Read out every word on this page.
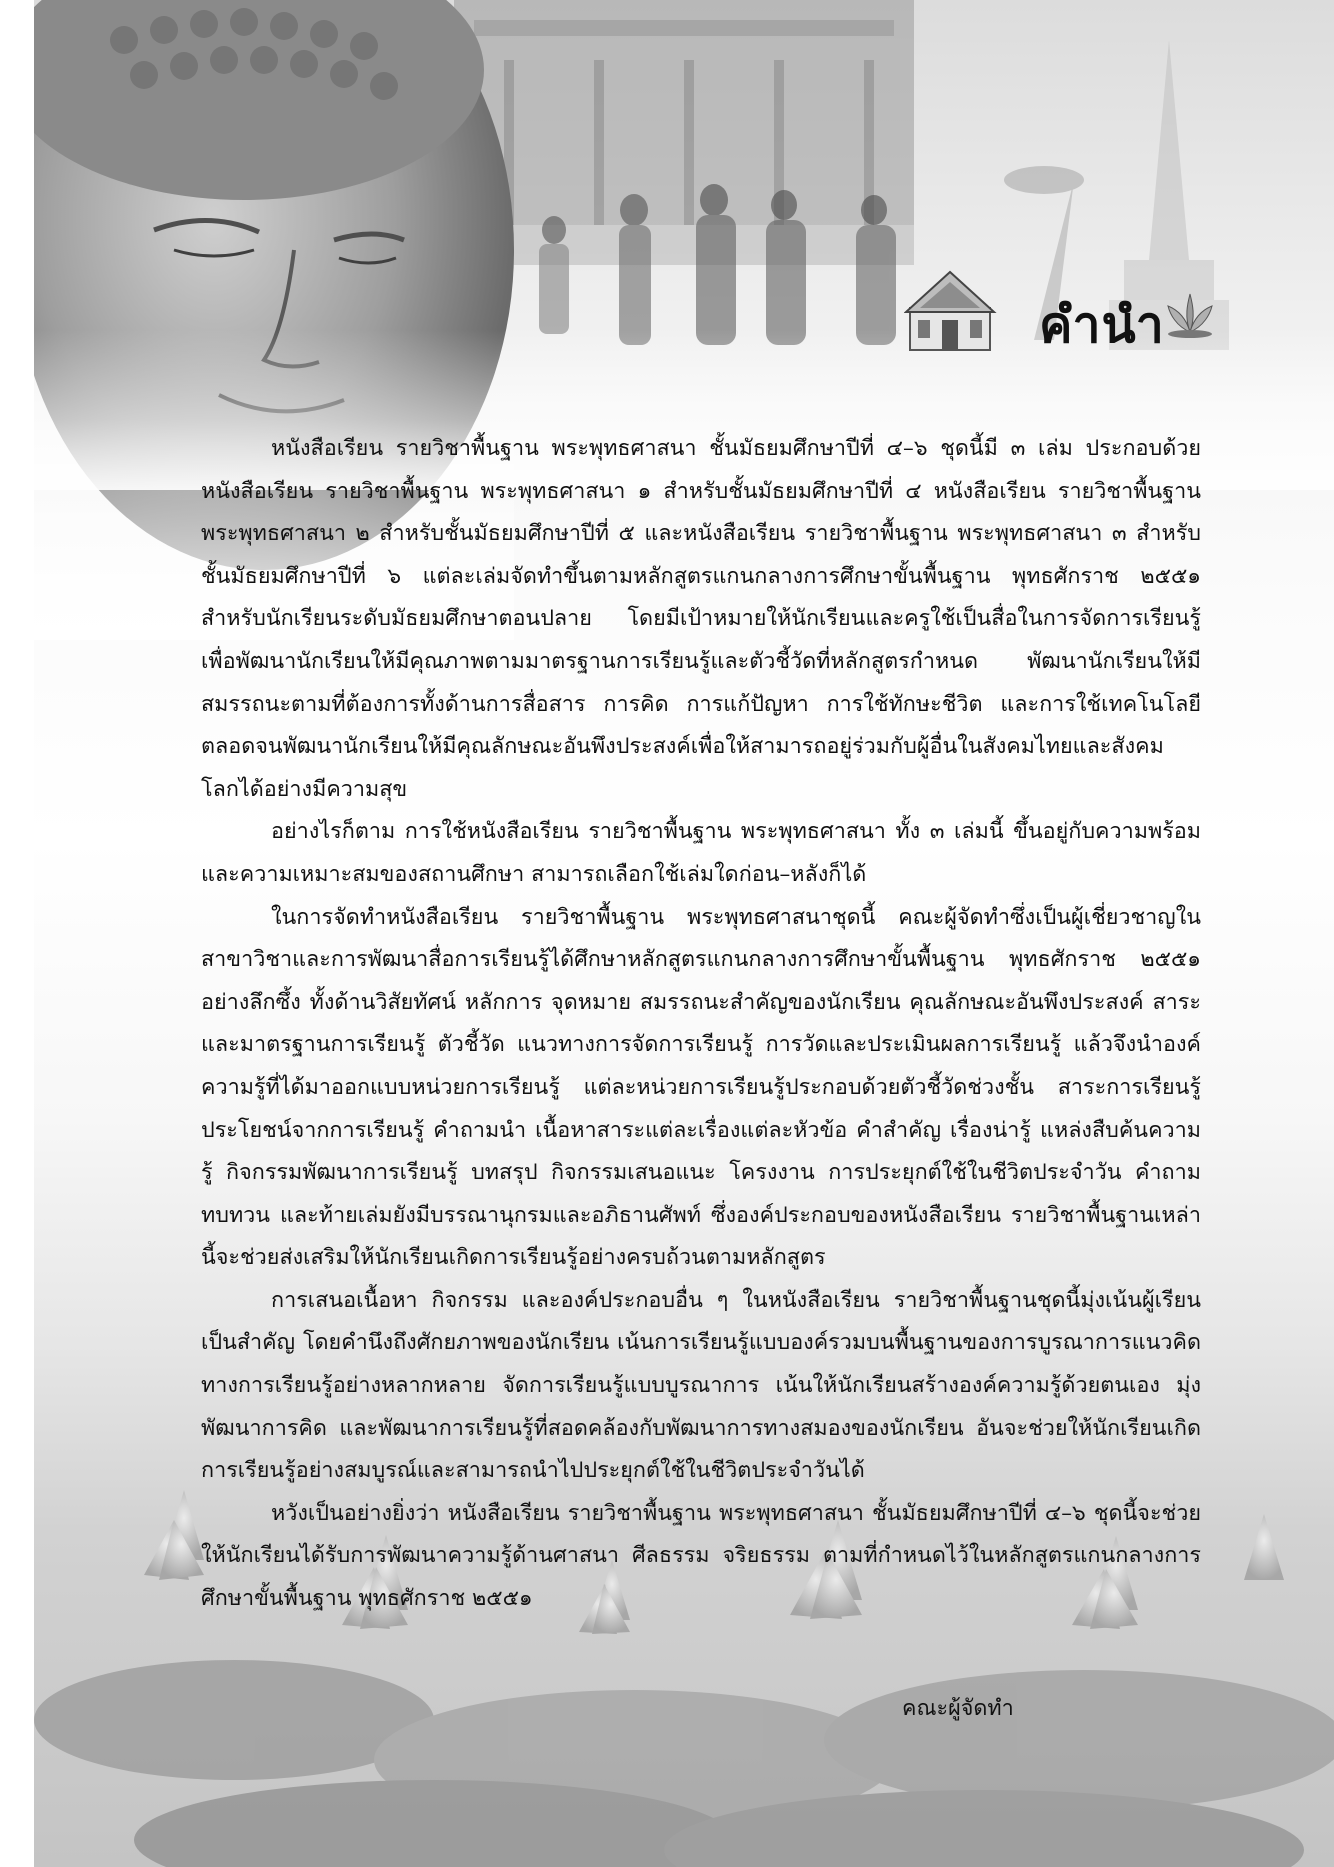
คำนำ

หนังสือเรียน รายวิชาพื้นฐาน พระพุทธศาสนา ชั้นมัธยมศึกษาปีที่ ๔–๖ ชุดนี้มี ๓ เล่ม ประกอบด้วยหนังสือเรียน รายวิชาพื้นฐาน พระพุทธศาสนา ๑ สำหรับชั้นมัธยมศึกษาปีที่ ๔ หนังสือเรียน รายวิชาพื้นฐาน พระพุทธศาสนา ๒ สำหรับชั้นมัธยมศึกษาปีที่ ๕ และหนังสือเรียน รายวิชาพื้นฐาน พระพุทธศาสนา ๓ สำหรับชั้นมัธยมศึกษาปีที่ ๖ แต่ละเล่มจัดทำขึ้นตามหลักสูตรแกนกลางการศึกษาขั้นพื้นฐาน พุทธศักราช ๒๕๕๑ สำหรับนักเรียนระดับมัธยมศึกษาตอนปลาย โดยมีเป้าหมายให้นักเรียนและครูใช้เป็นสื่อในการจัดการเรียนรู้ เพื่อพัฒนานักเรียนให้มีคุณภาพตามมาตรฐานการเรียนรู้และตัวชี้วัดที่หลักสูตรกำหนด พัฒนานักเรียนให้มีสมรรถนะตามที่ต้องการทั้งด้านการสื่อสาร การคิด การแก้ปัญหา การใช้ทักษะชีวิต และการใช้เทคโนโลยี ตลอดจนพัฒนานักเรียนให้มีคุณลักษณะอันพึงประสงค์เพื่อให้สามารถอยู่ร่วมกับผู้อื่นในสังคมไทยและสังคมโลกได้อย่างมีความสุข

อย่างไรก็ตาม การใช้หนังสือเรียน รายวิชาพื้นฐาน พระพุทธศาสนา ทั้ง ๓ เล่มนี้ ขึ้นอยู่กับความพร้อมและความเหมาะสมของสถานศึกษา สามารถเลือกใช้เล่มใดก่อน–หลังก็ได้

ในการจัดทำหนังสือเรียน รายวิชาพื้นฐาน พระพุทธศาสนาชุดนี้ คณะผู้จัดทำซึ่งเป็นผู้เชี่ยวชาญในสาขาวิชาและการพัฒนาสื่อการเรียนรู้ได้ศึกษาหลักสูตรแกนกลางการศึกษาขั้นพื้นฐาน พุทธศักราช ๒๕๕๑ อย่างลึกซึ้ง ทั้งด้านวิสัยทัศน์ หลักการ จุดหมาย สมรรถนะสำคัญของนักเรียน คุณลักษณะอันพึงประสงค์ สาระและมาตรฐานการเรียนรู้ ตัวชี้วัด แนวทางการจัดการเรียนรู้ การวัดและประเมินผลการเรียนรู้ แล้วจึงนำองค์ความรู้ที่ได้มาออกแบบหน่วยการเรียนรู้ แต่ละหน่วยการเรียนรู้ประกอบด้วยตัวชี้วัดช่วงชั้น สาระการเรียนรู้ ประโยชน์จากการเรียนรู้ คำถามนำ เนื้อหาสาระแต่ละเรื่องแต่ละหัวข้อ คำสำคัญ เรื่องน่ารู้ แหล่งสืบค้นความรู้ กิจกรรมพัฒนาการเรียนรู้ บทสรุป กิจกรรมเสนอแนะ โครงงาน การประยุกต์ใช้ในชีวิตประจำวัน คำถามทบทวน และท้ายเล่มยังมีบรรณานุกรมและอภิธานศัพท์ ซึ่งองค์ประกอบของหนังสือเรียน รายวิชาพื้นฐานเหล่านี้จะช่วยส่งเสริมให้นักเรียนเกิดการเรียนรู้อย่างครบถ้วนตามหลักสูตร

การเสนอเนื้อหา กิจกรรม และองค์ประกอบอื่น ๆ ในหนังสือเรียน รายวิชาพื้นฐานชุดนี้มุ่งเน้นผู้เรียนเป็นสำคัญ โดยคำนึงถึงศักยภาพของนักเรียน เน้นการเรียนรู้แบบองค์รวมบนพื้นฐานของการบูรณาการแนวคิดทางการเรียนรู้อย่างหลากหลาย จัดการเรียนรู้แบบบูรณาการ เน้นให้นักเรียนสร้างองค์ความรู้ด้วยตนเอง มุ่งพัฒนาการคิด และพัฒนาการเรียนรู้ที่สอดคล้องกับพัฒนาการทางสมองของนักเรียน อันจะช่วยให้นักเรียนเกิดการเรียนรู้อย่างสมบูรณ์และสามารถนำไปประยุกต์ใช้ในชีวิตประจำวันได้

หวังเป็นอย่างยิ่งว่า หนังสือเรียน รายวิชาพื้นฐาน พระพุทธศาสนา ชั้นมัธยมศึกษาปีที่ ๔–๖ ชุดนี้จะช่วยให้นักเรียนได้รับการพัฒนาความรู้ด้านศาสนา ศีลธรรม จริยธรรม ตามที่กำหนดไว้ในหลักสูตรแกนกลางการศึกษาขั้นพื้นฐาน พุทธศักราช ๒๕๕๑

คณะผู้จัดทำ
